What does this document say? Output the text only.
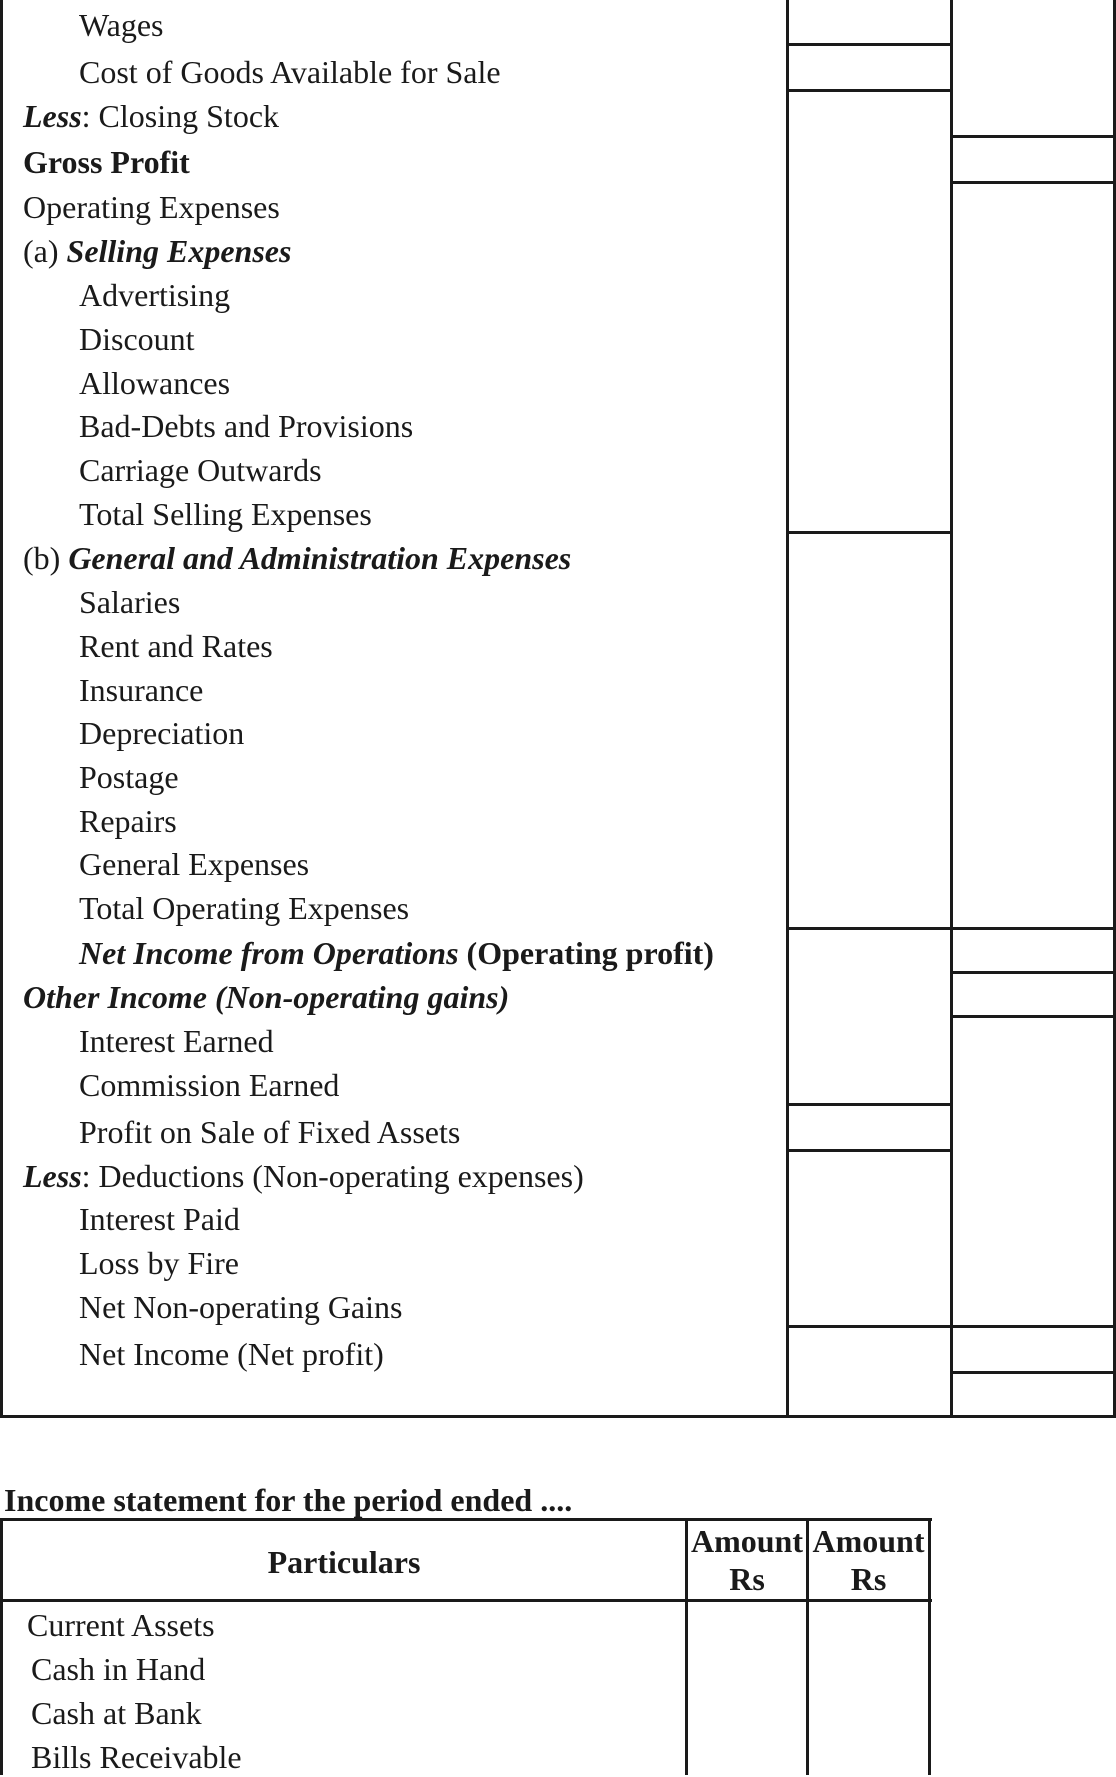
Wages
Cost of Goods Available for Sale
Less: Closing Stock
Gross Profit
Operating Expenses
(a) Selling Expenses
Advertising
Discount
Allowances
Bad-Debts and Provisions
Carriage Outwards
Total Selling Expenses
(b) General and Administration Expenses
Salaries
Rent and Rates
Insurance
Depreciation
Postage
Repairs
General Expenses
Total Operating Expenses
Net Income from Operations (Operating profit)
Other Income (Non-operating gains)
Interest Earned
Commission Earned
Profit on Sale of Fixed Assets
Less: Deductions (Non-operating expenses)
Interest Paid
Loss by Fire
Net Non-operating Gains
Net Income (Net profit)
Income statement for the period ended ....
Particulars
Amount
Rs
Amount
Rs
Current Assets
Cash in Hand
Cash at Bank
Bills Receivable
